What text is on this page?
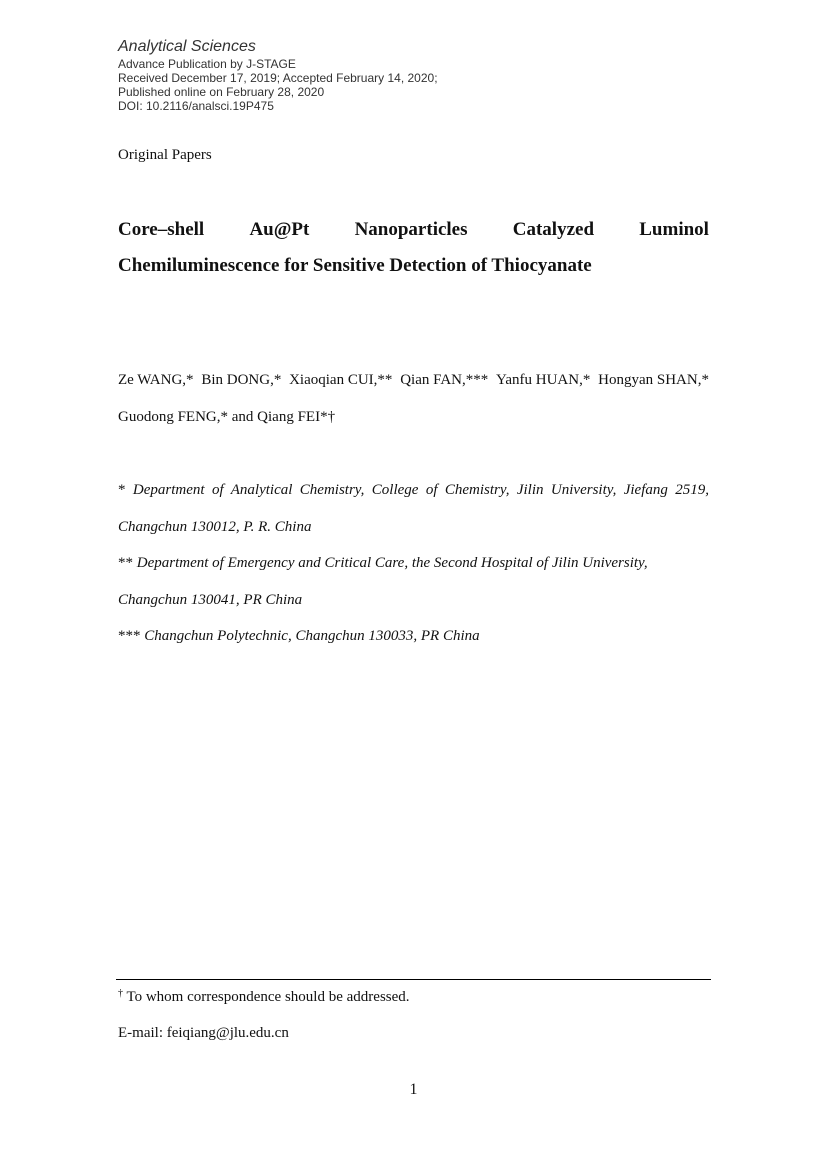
Analytical Sciences

Advance Publication by J-STAGE

Received December 17, 2019; Accepted February 14, 2020;

Published online on February 28, 2020

DOI: 10.2116/analsci.19P475

Original Papers
Core–shell Au@Pt Nanoparticles Catalyzed Luminol
Chemiluminescence for Sensitive Detection of Thiocyanate
Ze WANG,* Bin DONG,* Xiaoqian CUI,** Qian FAN,*** Yanfu HUAN,* Hongyan SHAN,*
Guodong FENG,* and Qiang FEI*†
* Department of Analytical Chemistry, College of Chemistry, Jilin University, Jiefang 2519,
Changchun 130012, P. R. China
** Department of Emergency and Critical Care, the Second Hospital of Jilin University,
Changchun 130041, PR China
*** Changchun Polytechnic, Changchun 130033, PR China
† To whom correspondence should be addressed.
E-mail: feiqiang@jlu.edu.cn
1
